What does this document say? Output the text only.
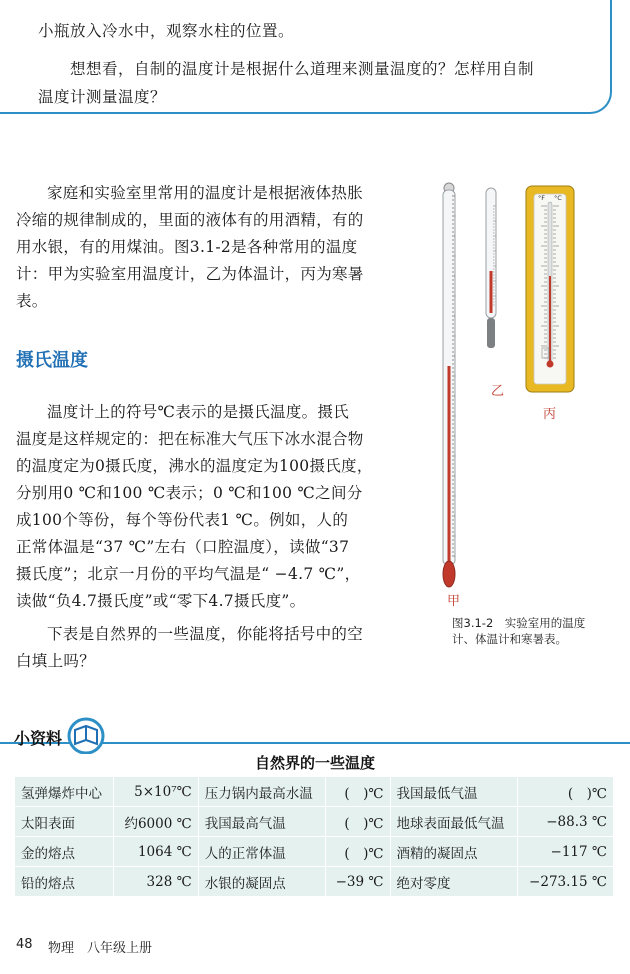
小瓶放入冷水中，观察水柱的位置。
想想看，自制的温度计是根据什么道理来测量温度的？怎样用自制
温度计测量温度？
家庭和实验室里常用的温度计是根据液体热胀
冷缩的规律制成的，里面的液体有的用酒精，有的
用水银，有的用煤油。图3.1-2是各种常用的温度
计：甲为实验室用温度计，乙为体温计，丙为寒暑
表。
摄氏温度
温度计上的符号℃表示的是摄氏温度。摄氏
温度是这样规定的：把在标准大气压下冰水混合物
的温度定为0摄氏度，沸水的温度定为100摄氏度，
分别用0 ℃和100 ℃表示；0 ℃和100 ℃之间分
成100个等份，每个等份代表1 ℃。例如，人的
正常体温是“37 ℃”左右（口腔温度），读做“37
摄氏度”；北京一月份的平均气温是“ −4.7 ℃”，
读做“负4.7摄氏度”或“零下4.7摄氏度”。
下表是自然界的一些温度，你能将括号中的空
白填上吗？
°F °C
乙
丙
甲
图3.1-2　实验室用的温度
计、体温计和寒暑表。
小资料
自然界的一些温度
氢弹爆炸中心	5×10⁷℃	压力锅内最高水温	(　)℃	我国最低气温	(　)℃
太阳表面	约6000 ℃	我国最高气温	(　)℃	地球表面最低气温	−88.3 ℃
金的熔点	1064 ℃	人的正常体温	(　)℃	酒精的凝固点	−117 ℃
铅的熔点	328 ℃	水银的凝固点	−39 ℃	绝对零度	−273.15 ℃
48 物理　八年级上册
